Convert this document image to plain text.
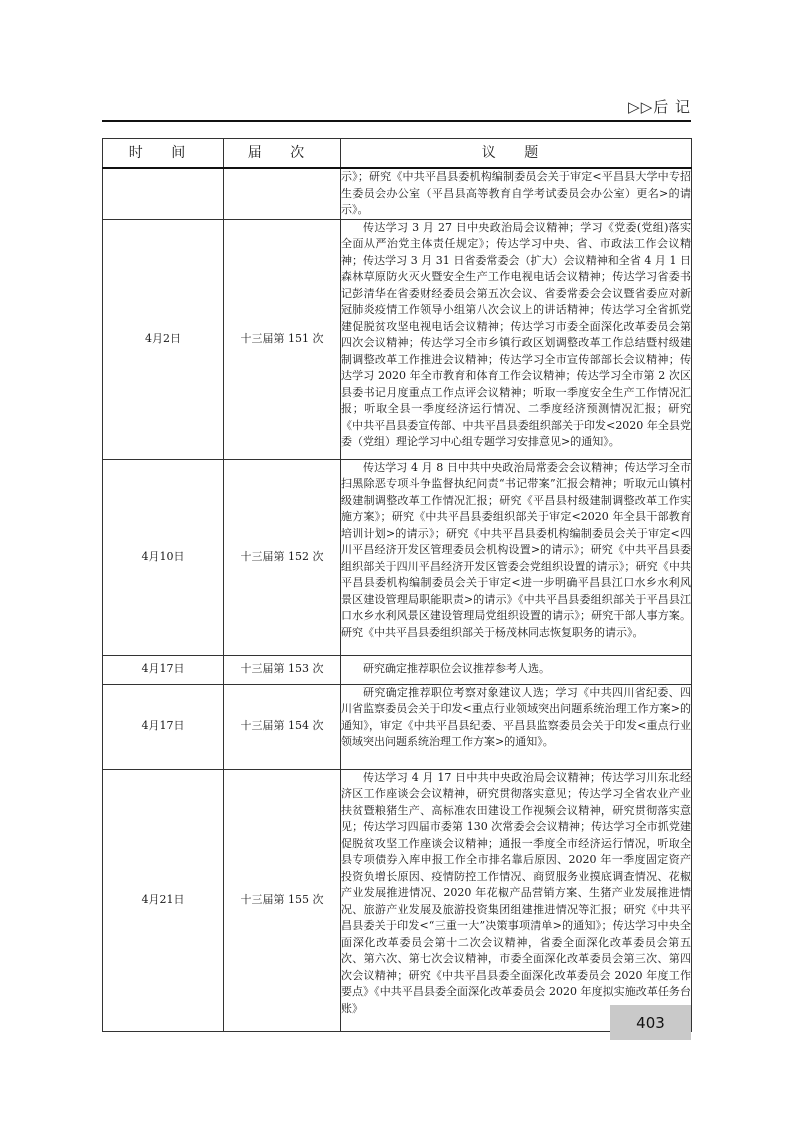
▷▷后 记
时 间	届 次	议 题

		示》；研究《中共平昌县委机构编制委员会关于审定<平昌县大学中专招生委员会办公室（平昌县高等教育自学考试委员会办公室）更名>的请示》。

4月2日	十三届第 151 次	传达学习 3 月 27 日中央政治局会议精神；学习《党委(党组)落实全面从严治党主体责任规定》；传达学习中央、省、市政法工作会议精神；传达学习 3 月 31 日省委常委会（扩大）会议精神和全省 4 月 1 日森林草原防火灭火暨安全生产工作电视电话会议精神；传达学习省委书记彭清华在省委财经委员会第五次会议、省委常委会会议暨省委应对新冠肺炎疫情工作领导小组第八次会议上的讲话精神；传达学习全省抓党建促脱贫攻坚电视电话会议精神；传达学习市委全面深化改革委员会第四次会议精神；传达学习全市乡镇行政区划调整改革工作总结暨村级建制调整改革工作推进会议精神；传达学习全市宣传部部长会议精神；传达学习 2020 年全市教育和体育工作会议精神；传达学习全市第 2 次区县委书记月度重点工作点评会议精神；听取一季度安全生产工作情况汇报；听取全县一季度经济运行情况、二季度经济预测情况汇报；研究《中共平昌县委宣传部、中共平昌县委组织部关于印发<2020 年全县党委（党组）理论学习中心组专题学习安排意见>的通知》。

4月10日	十三届第 152 次	传达学习 4 月 8 日中共中央政治局常委会会议精神；传达学习全市扫黑除恶专项斗争监督执纪问责“书记带案”汇报会精神；听取元山镇村级建制调整改革工作情况汇报；研究《平昌县村级建制调整改革工作实施方案》；研究《中共平昌县委组织部关于审定<2020 年全县干部教育培训计划>的请示》；研究《中共平昌县委机构编制委员会关于审定<四川平昌经济开发区管理委员会机构设置>的请示》；研究《中共平昌县委组织部关于四川平昌经济开发区管委会党组织设置的请示》；研究《中共平昌县委机构编制委员会关于审定<进一步明确平昌县江口水乡水利风景区建设管理局职能职责>的请示》《中共平昌县委组织部关于平昌县江口水乡水利风景区建设管理局党组织设置的请示》；研究干部人事方案。研究《中共平昌县委组织部关于杨茂林同志恢复职务的请示》。

4月17日	十三届第 153 次	研究确定推荐职位会议推荐参考人选。

4月17日	十三届第 154 次	研究确定推荐职位考察对象建议人选；学习《中共四川省纪委、四川省监察委员会关于印发<重点行业领域突出问题系统治理工作方案>的通知》，审定《中共平昌县纪委、平昌县监察委员会关于印发<重点行业领域突出问题系统治理工作方案>的通知》。

4月21日	十三届第 155 次	传达学习 4 月 17 日中共中央政治局会议精神；传达学习川东北经济区工作座谈会会议精神，研究贯彻落实意见；传达学习全省农业产业扶贫暨粮猪生产、高标准农田建设工作视频会议精神，研究贯彻落实意见；传达学习四届市委第 130 次常委会会议精神；传达学习全市抓党建促脱贫攻坚工作座谈会议精神；通报一季度全市经济运行情况，听取全县专项债券入库申报工作全市排名靠后原因、2020 年一季度固定资产投资负增长原因、疫情防控工作情况、商贸服务业摸底调查情况、花椒产业发展推进情况、2020 年花椒产品营销方案、生猪产业发展推进情况、旅游产业发展及旅游投资集团组建推进情况等汇报；研究《中共平昌县委关于印发<“三重一大”决策事项清单>的通知》；传达学习中央全面深化改革委员会第十二次会议精神，省委全面深化改革委员会第五次、第六次、第七次会议精神，市委全面深化改革委员会第三次、第四次会议精神；研究《中共平昌县委全面深化改革委员会 2020 年度工作要点》《中共平昌县委全面深化改革委员会 2020 年度拟实施改革任务台账》
403
